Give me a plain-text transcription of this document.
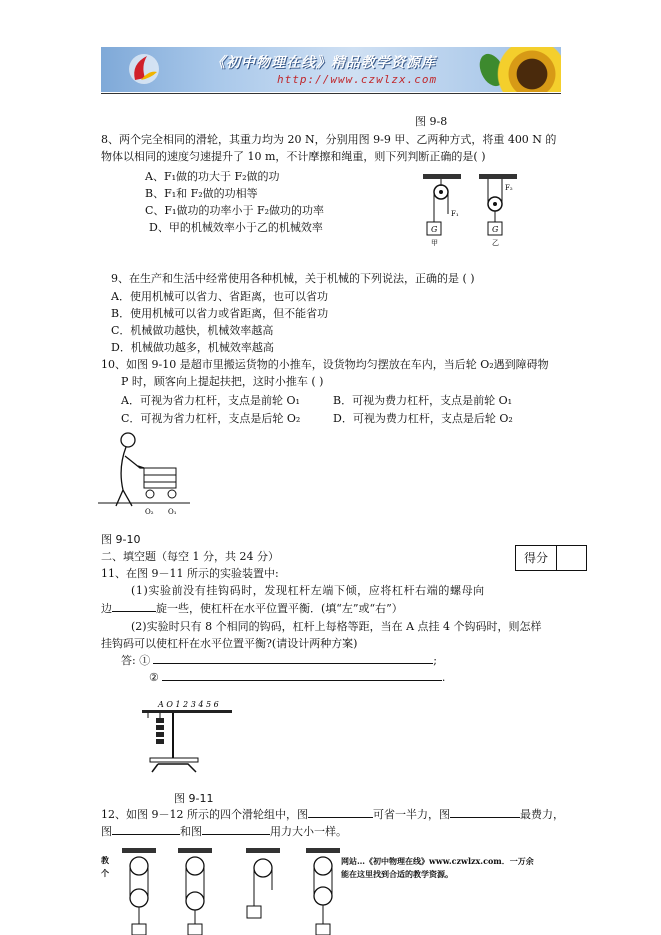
《初中物理在线》精品教学资源库
http://www.czwlzx.com
图 9-8
8、两个完全相同的滑轮，其重力均为 20 N，分别用图 9-9 甲、乙两种方式，将重 400 N 的
物体以相同的速度匀速提升了 10 m，不计摩擦和绳重，则下列判断正确的是( )
A、F₁做的功大于 F₂做的功
B、F₁和 F₂做的功相等
C、F₁做功的功率小于 F₂做功的功率
D、甲的机械效率小于乙的机械效率
F₁
G
甲
F₂
G
乙
9、在生产和生活中经常使用各种机械，关于机械的下列说法，正确的是 ( )
A．使用机械可以省力、省距离，也可以省功
B．使用机械可以省力或省距离，但不能省功
C．机械做功越快，机械效率越高
D．机械做功越多，机械效率越高
10、如图 9-10 是超市里搬运货物的小推车，设货物均匀摆放在车内，当后轮 O₂遇到障碍物
P 时，顾客向上提起扶把，这时小推车 ( )
A．可视为省力杠杆，支点是前轮 O₁	B．可视为费力杠杆，支点是前轮 O₁
C．可视为省力杠杆，支点是后轮 O₂	D．可视为费力杠杆，支点是后轮 O₂
O₂ O₁
图 9-10
二、填空题（每空 1 分，共 24 分）	得分
11、在图 9－11 所示的实验装置中:
(1)实验前没有挂钩码时，发现杠杆左端下倾，应将杠杆右端的螺母向
边	旋一些，使杠杆在水平位置平衡．(填“左”或“右”）
(2)实验时只有 8 个相同的钩码，杠杆上每格等距，当在 A 点挂 4 个钩码时，则怎样
挂钩码可以使杠杆在水平位置平衡?(请设计两种方案)
答: ①	;
②	.
A O 1 2 3 4 5 6
图 9-11
12、如图 9－12 所示的四个滑轮组中，图	可省一半力，图	最费力，
图	和图	用力大小一样。
教
个
网站…《初中物理在线》www.czwlzx.com．一万余
能在这里找到合适的教学资源。
